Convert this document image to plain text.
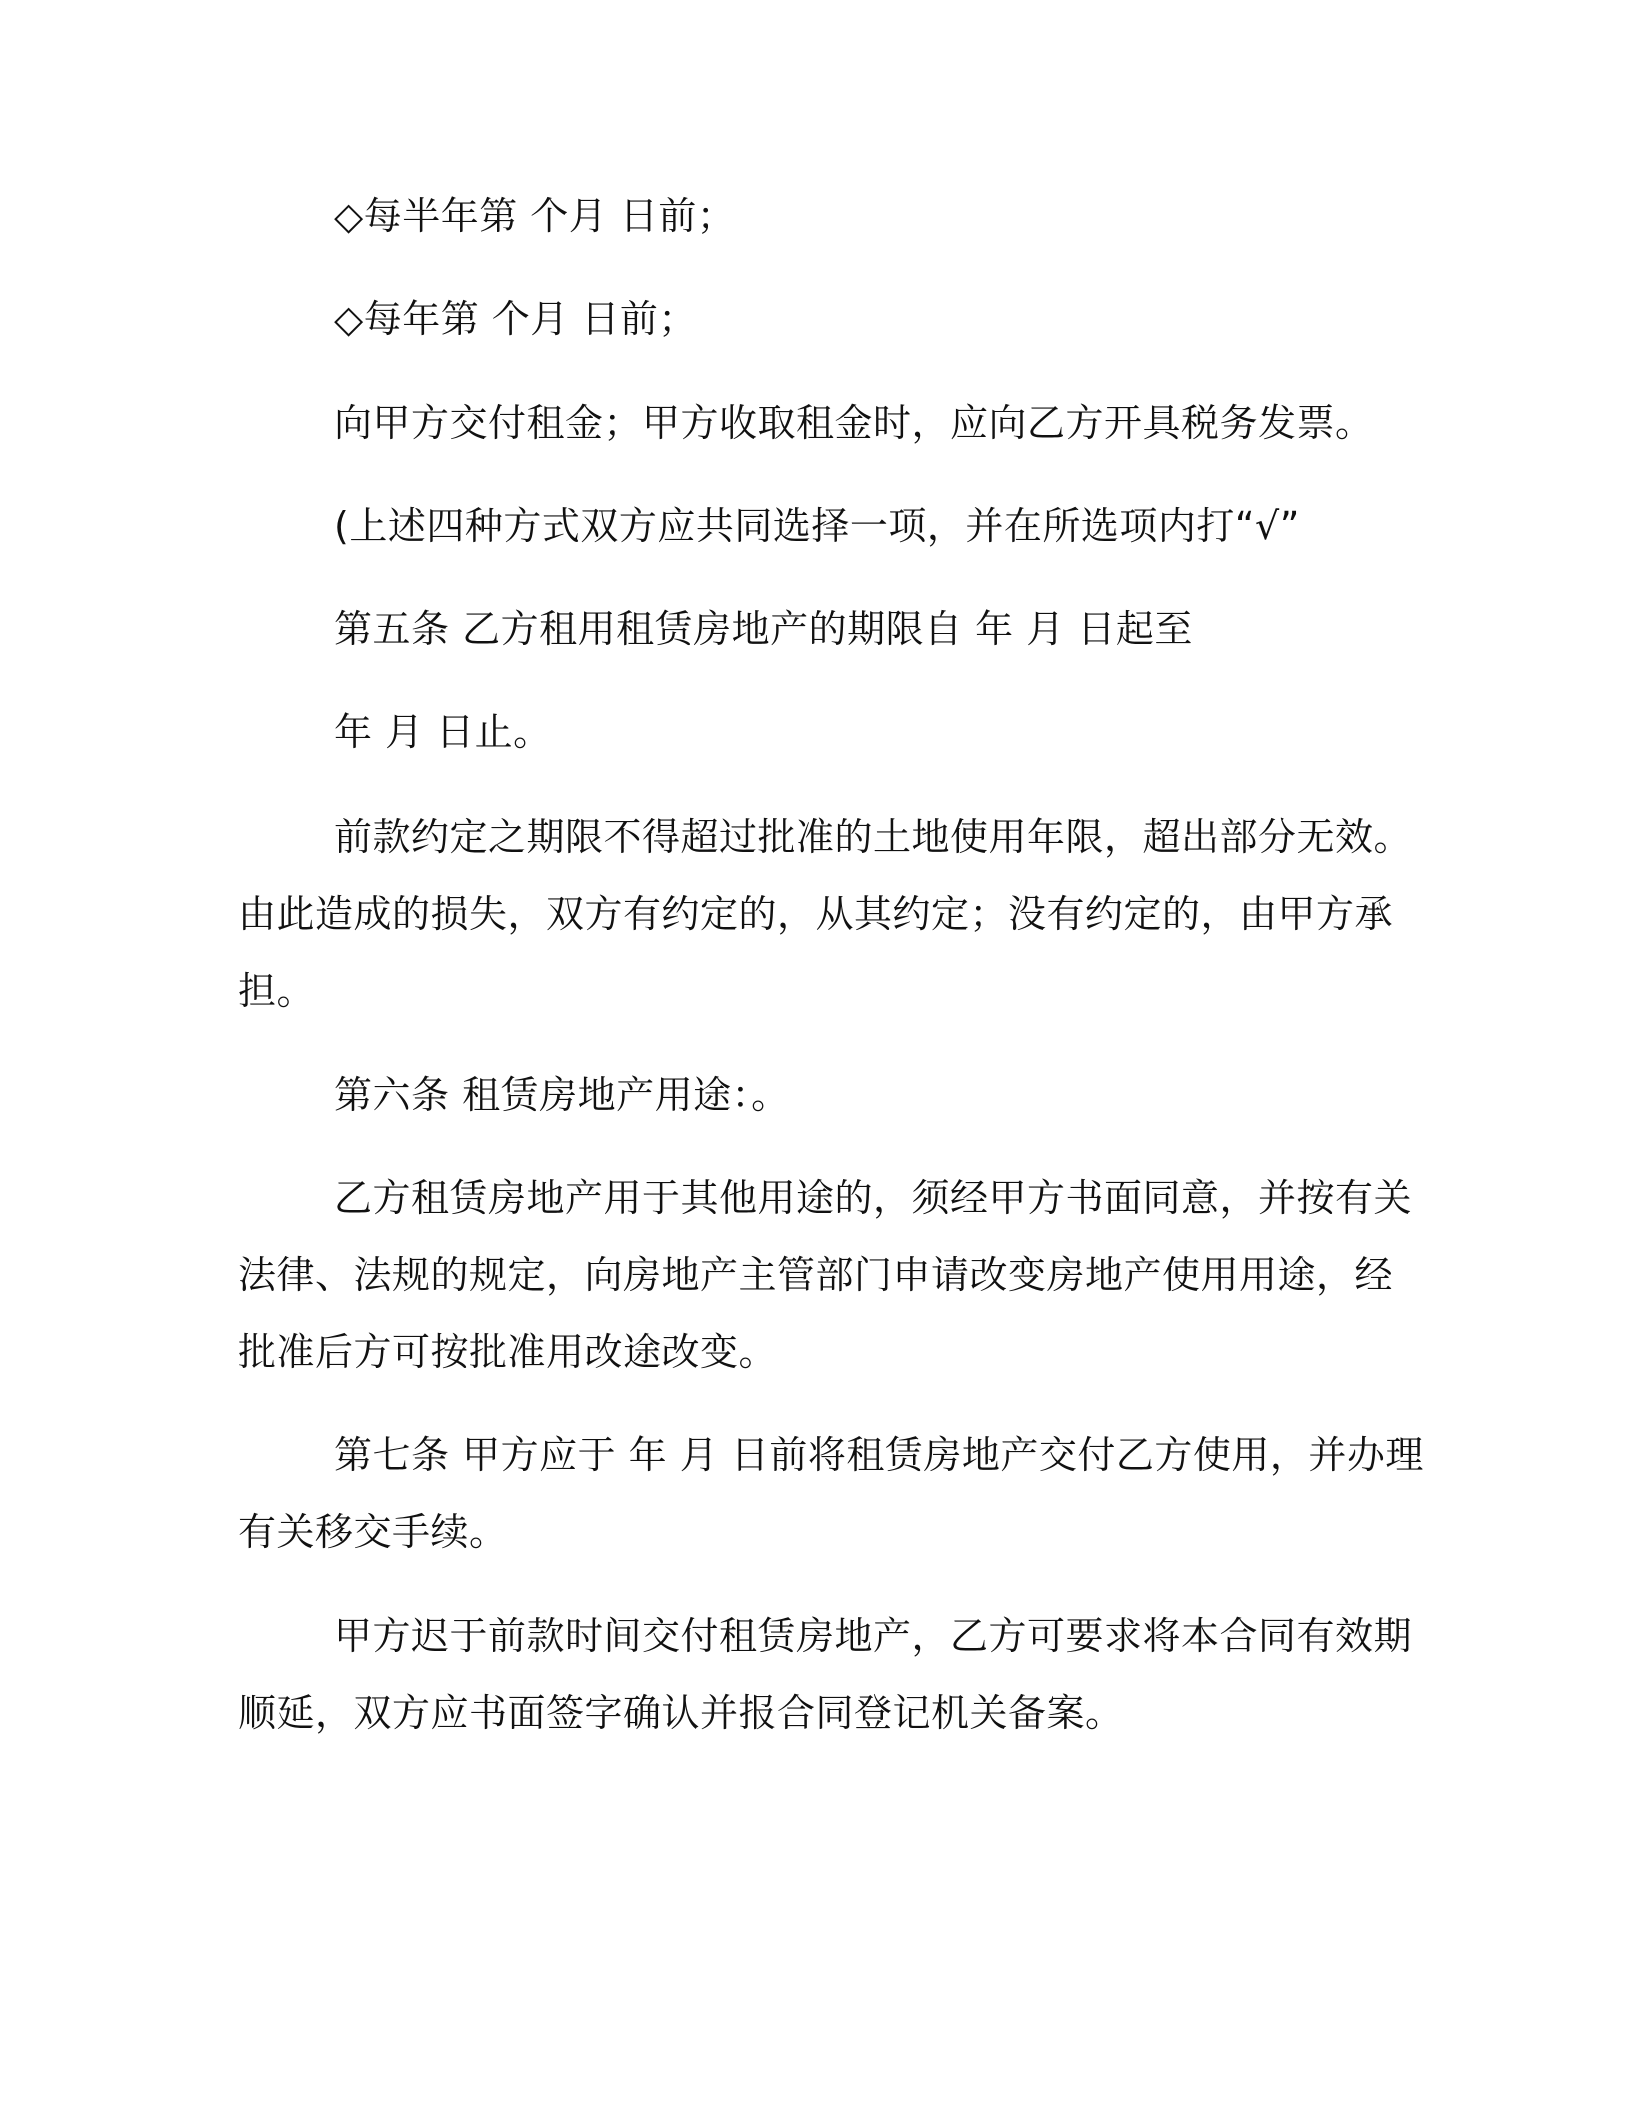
◇每半年第 个月 日前；
◇每年第 个月 日前；
向甲方交付租金；甲方收取租金时，应向乙方开具税务发票。
(上述四种方式双方应共同选择一项，并在所选项内打“√”
第五条 乙方租用租赁房地产的期限自 年 月 日起至
年 月 日止。
前款约定之期限不得超过批准的土地使用年限，超出部分无效。
由此造成的损失，双方有约定的，从其约定；没有约定的，由甲方承
担。
第六条 租赁房地产用途：。
乙方租赁房地产用于其他用途的，须经甲方书面同意，并按有关
法律、法规的规定，向房地产主管部门申请改变房地产使用用途，经
批准后方可按批准用改途改变。
第七条 甲方应于 年 月 日前将租赁房地产交付乙方使用，并办理
有关移交手续。
甲方迟于前款时间交付租赁房地产，乙方可要求将本合同有效期
顺延，双方应书面签字确认并报合同登记机关备案。
